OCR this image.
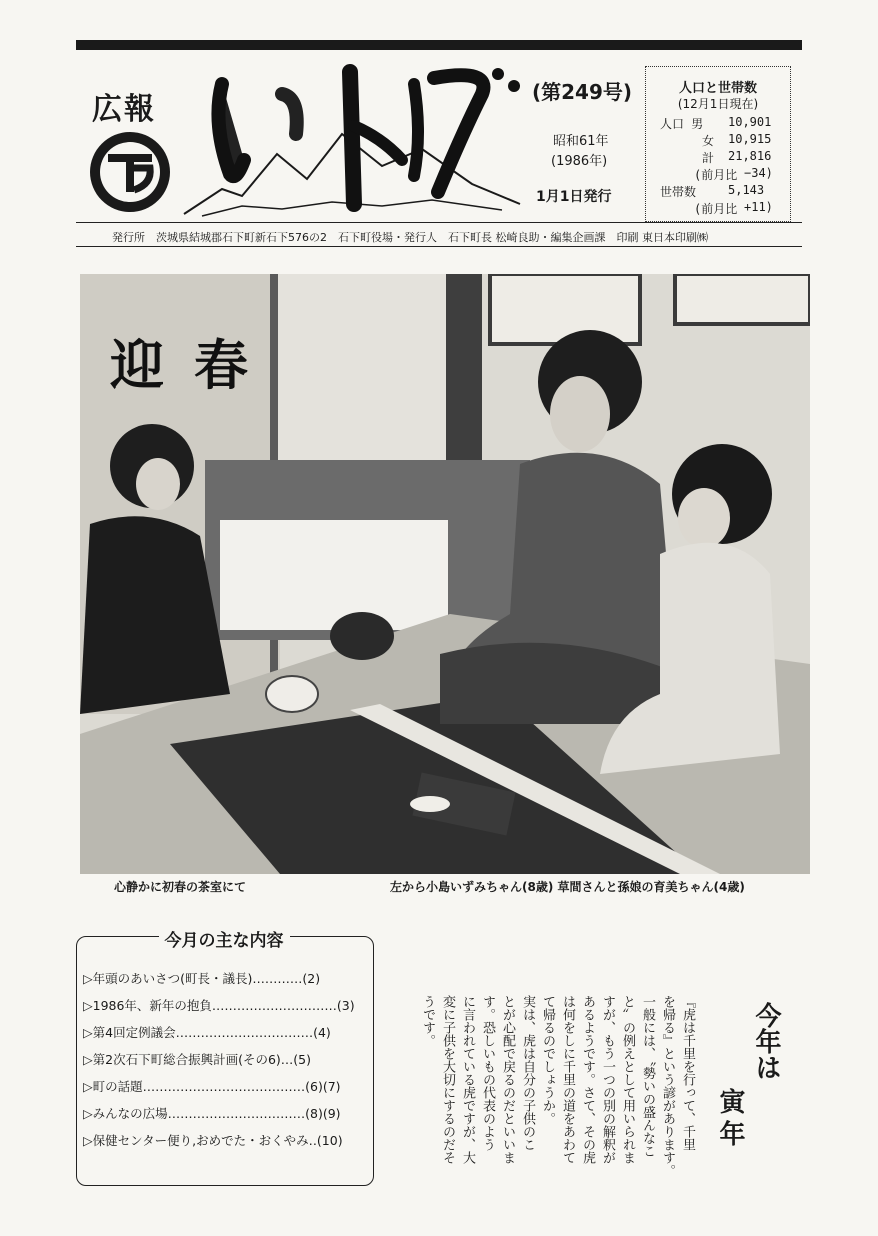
広報
いしげ	(第249号)
昭和61年
(1986年)
1月1日発行
人口と世帯数
(12月1日現在)
人口 男 10,901
女 10,915
計 21,816
(前月比 −34)
世帯数	5,143
(前月比 +11)
発行所　茨城県結城郡石下町新石下576の2　石下町役場・発行人　石下町長 松崎良助・編集企画課　印刷 東日本印刷㈱
迎春
心静かに初春の茶室にて	左から小島いずみちゃん(8歳) 草間さんと孫娘の育美ちゃん(4歳)
▷年頭のあいさつ(町長・議長)…………(2)
▷1986年、新年の抱負…………………………(3)
▷第4回定例議会……………………………(4)
▷第2次石下町総合振興計画(その6)…(5)
▷町の話題…………………………………(6)(7)
▷みんなの広場……………………………(8)(9)
▷保健センター便り,おめでた・おくやみ‥(10)
今月の主な内容
今年は
寅年
『虎は千里を行って、千里
を帰る』という諺があります。
一般には、〝勢いの盛んなこ
と〟の例えとして用いられま
すが、もう一つの別の解釈が
あるようです。さて、その虎
は何をしに千里の道をあわて
て帰るのでしょうか。
実は、虎は自分の子供のこ
とが心配で戻るのだといいま
す。恐しいもの代表のよう
に言われている虎ですが、大
変に子供を大切にするのだそ
うです。
